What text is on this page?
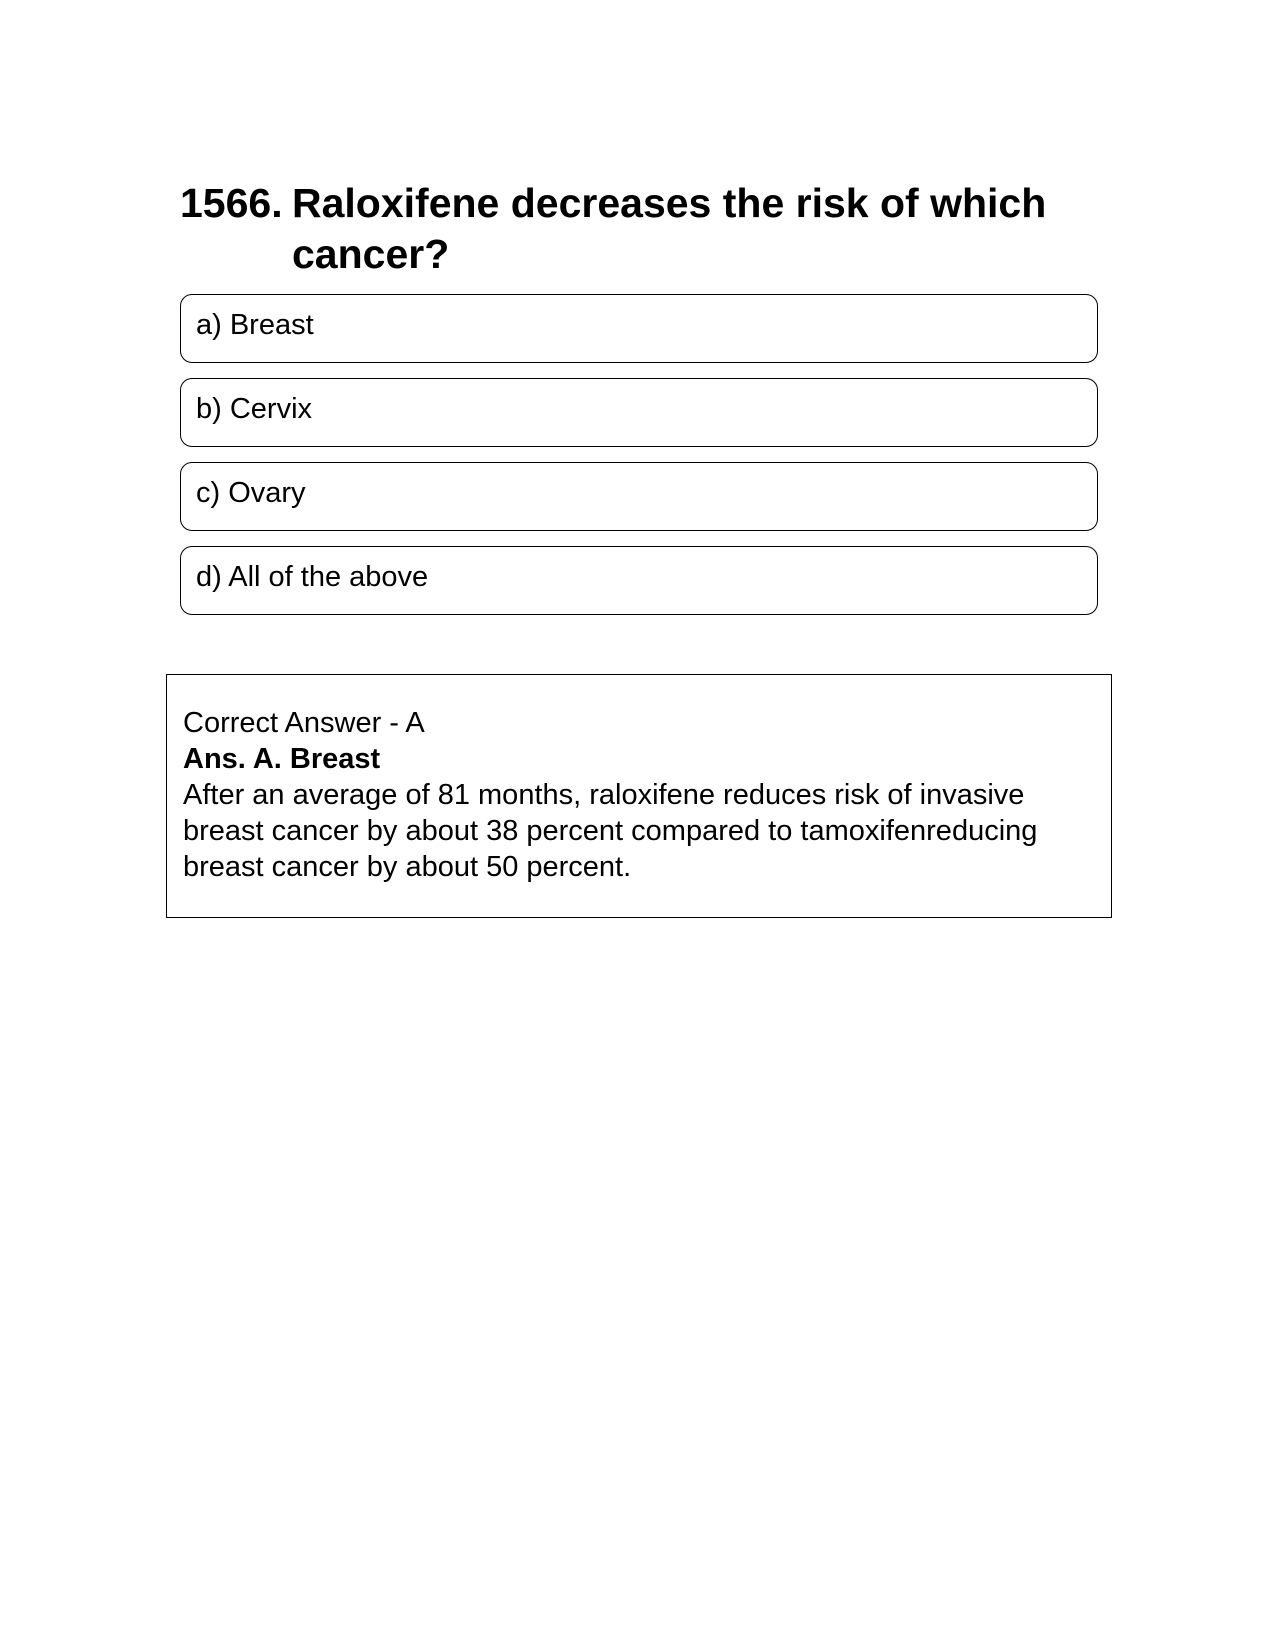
1566. Raloxifene decreases the risk of which cancer?
a) Breast
b) Cervix
c) Ovary
d) All of the above

Correct Answer - A

Ans. A. Breast

After an average of 81 months, raloxifene reduces risk of invasive breast cancer by about 38 percent compared to tamoxifenreducing breast cancer by about 50 percent.
